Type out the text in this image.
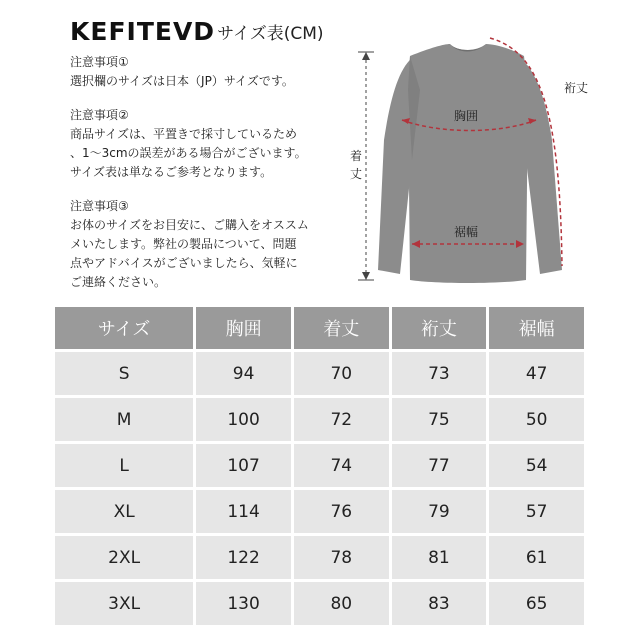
KEFITEVD サイズ表(CM)
注意事項①
選択欄のサイズは日本（JP）サイズです。
注意事項②
商品サイズは、平置きで採寸しているため
、1〜3cmの誤差がある場合がございます。
サイズ表は単なるご参考となります。
注意事項③
お体のサイズをお目安に、ご購入をオススム
メいたします。弊社の製品について、問題
点やアドバイスがございましたら、気軽に
ご連絡ください。
胸囲
着
丈
裄丈
裾幅
サイズ	胸囲	着丈	裄丈	裾幅
S	94	70	73	47
M	100	72	75	50
L	107	74	77	54
XL	114	76	79	57
2XL	122	78	81	61
3XL	130	80	83	65
